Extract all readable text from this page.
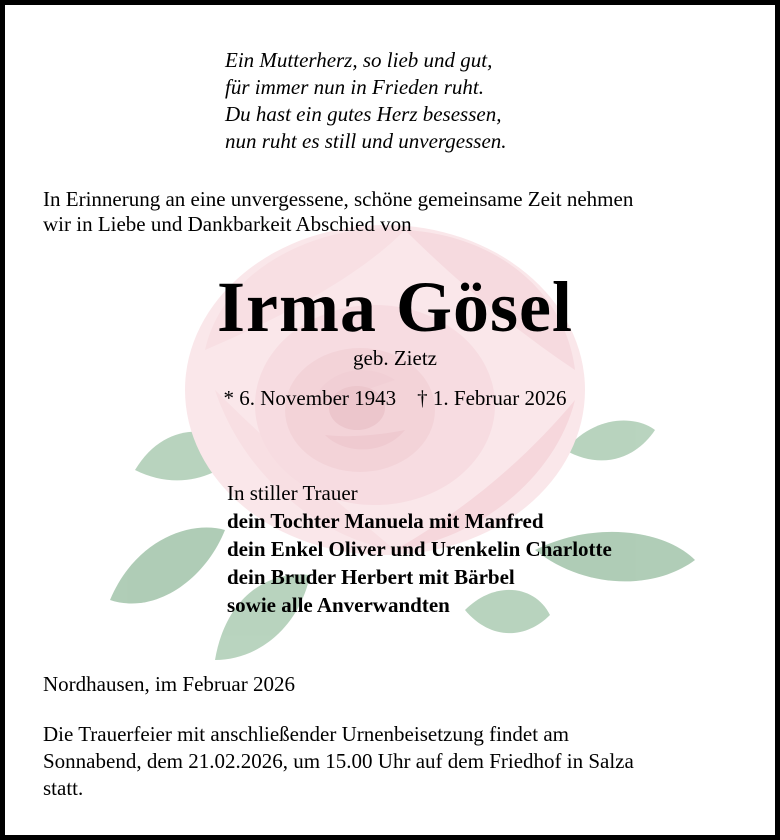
Ein Mutterherz, so lieb und gut,
für immer nun in Frieden ruht.
Du hast ein gutes Herz besessen,
nun ruht es still und unvergessen.
In Erinnerung an eine unvergessene, schöne gemeinsame Zeit nehmen
wir in Liebe und Dankbarkeit Abschied von
Irma Gösel
geb. Zietz
* 6. November 1943    † 1. Februar 2026
In stiller Trauer
dein Tochter Manuela mit Manfred
dein Enkel Oliver und Urenkelin Charlotte
dein Bruder Herbert mit Bärbel
sowie alle Anverwandten
Nordhausen, im Februar 2026
Die Trauerfeier mit anschließender Urnenbeisetzung findet am
Sonnabend, dem 21.02.2026, um 15.00 Uhr auf dem Friedhof in Salza
statt.
